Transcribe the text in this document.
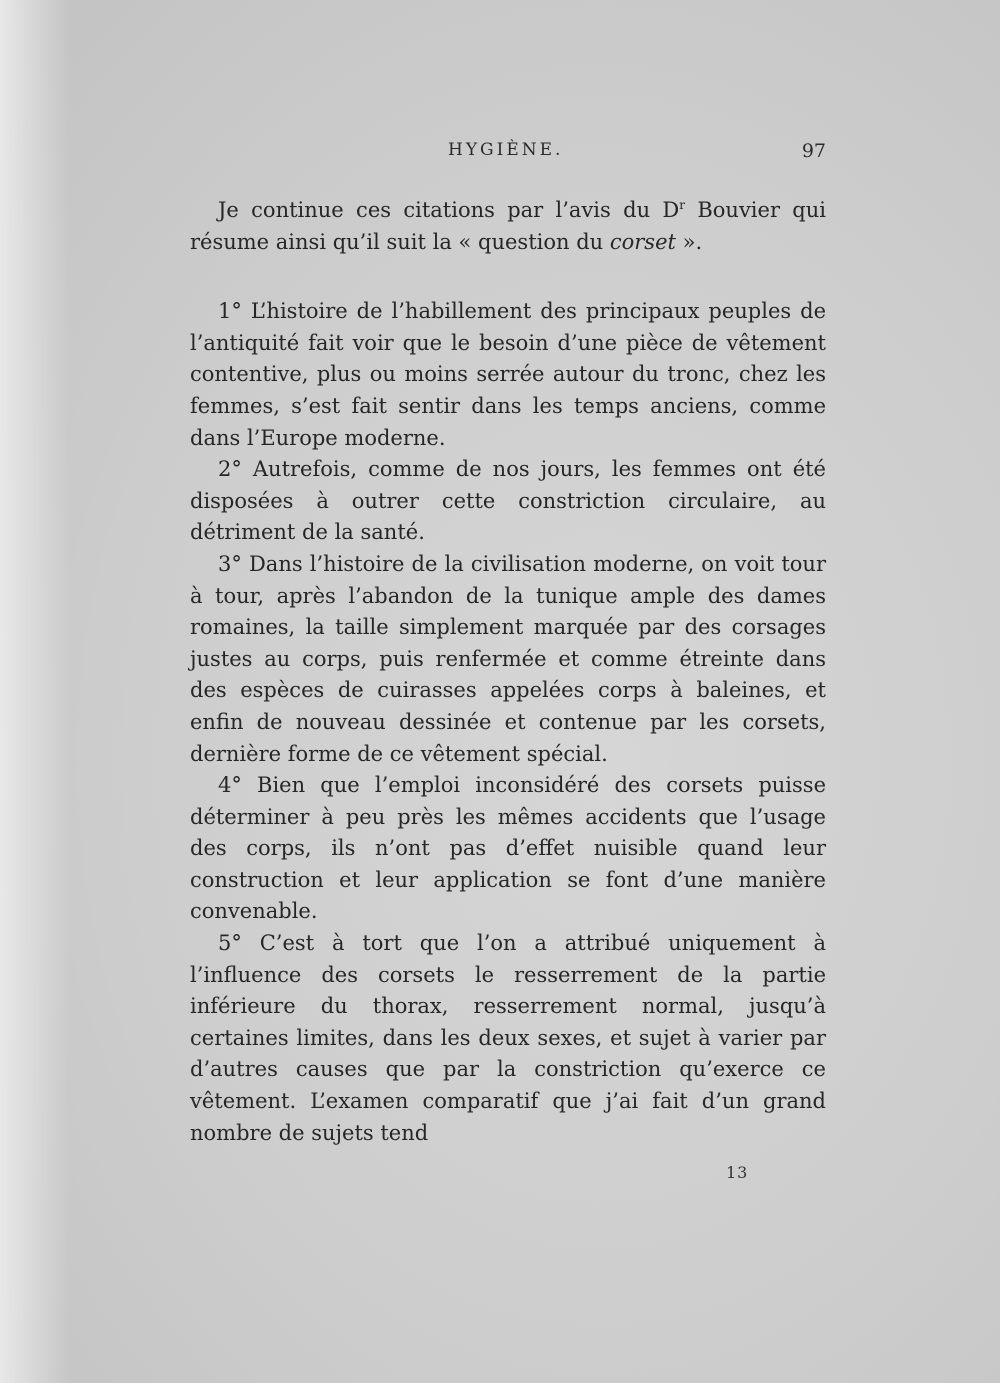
HYGIÈNE.	97

Je continue ces citations par l’avis du $D^r$ Bouvier qui résume ainsi qu’il suit la « question du corset ».

1° L’histoire de l’habillement des principaux peuples de l’antiquité fait voir que le besoin d’une pièce de vêtement contentive, plus ou moins serrée autour du tronc, chez les femmes, s’est fait sentir dans les temps anciens, comme dans l’Europe moderne.

2° Autrefois, comme de nos jours, les femmes ont été disposées à outrer cette constriction circulaire, au détriment de la santé.

3° Dans l’histoire de la civilisation moderne, on voit tour à tour, après l’abandon de la tunique ample des dames romaines, la taille simplement marquée par des corsages justes au corps, puis renfermée et comme étreinte dans des espèces de cuirasses appelées corps à baleines, et enfin de nouveau dessinée et contenue par les corsets, dernière forme de ce vêtement spécial.

4° Bien que l’emploi inconsidéré des corsets puisse déterminer à peu près les mêmes accidents que l’usage des corps, ils n’ont pas d’effet nuisible quand leur construction et leur application se font d’une manière convenable.

5° C’est à tort que l’on a attribué uniquement à l’influence des corsets le resserrement de la partie inférieure du thorax, resserrement normal, jusqu’à certaines limites, dans les deux sexes, et sujet à varier par d’autres causes que par la constriction qu’exerce ce vêtement. L’examen comparatif que j’ai fait d’un grand nombre de sujets tend

13
